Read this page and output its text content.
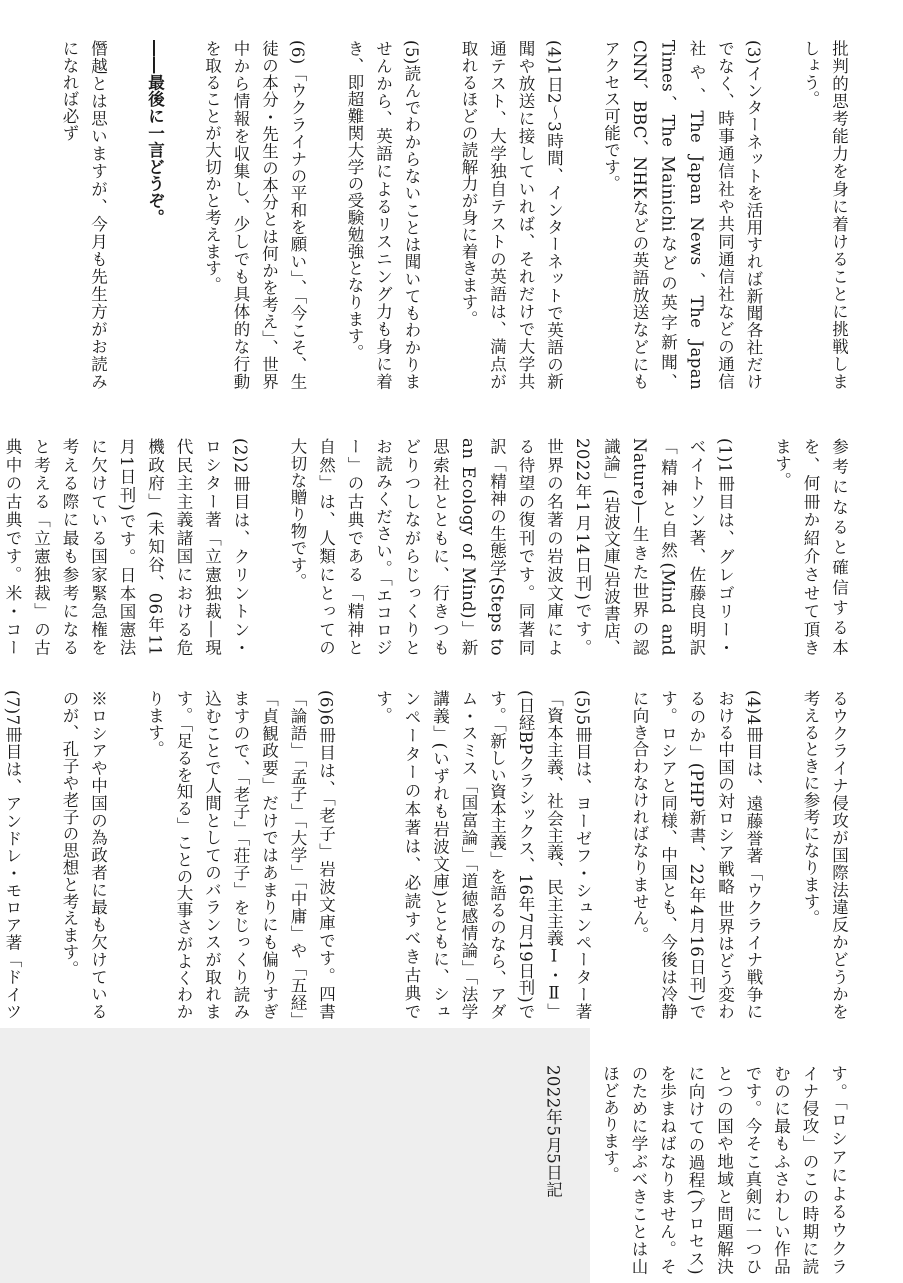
批判的思考能力を身に着けることに挑戦しましょう。

(3)インターネットを活用すれば新聞各社だけでなく、時事通信社や共同通信社などの通信社や、The Japan News、The Japan Times、The Mainichiなどの英字新聞、CNN、BBC、NHKなどの英語放送などにもアクセス可能です。

(4)1日2〜3時間、インターネットで英語の新聞や放送に接していれば、それだけで大学共通テスト、大学独自テストの英語は、満点が取れるほどの読解力が身に着きます。

(5)読んでわからないことは聞いてもわかりませんから、英語によるリスニング力も身に着き、即超難関大学の受験勉強となります。

(6)「ウクライナの平和を願い」、「今こそ、生徒の本分・先生の本分とは何かを考え」、世界中から情報を収集し、少しでも具体的な行動を取ることが大切かと考えます。

――最後に一言どうぞ。

僭越とは思いますが、今月も先生方がお読みになれば必ず

参考になると確信する本を、何冊か紹介させて頂きます。

(1)1冊目は、グレゴリー・ベイトソン著、佐藤良明訳「精神と自然(Mind and Nature)―生きた世界の認識論」(岩波文庫/岩波書店、2022年1月14日刊)です。世界の名著の岩波文庫による待望の復刊です。同著同訳「精神の生態学(Steps to an Ecology of Mind)」新思索社とともに、行きつもどりつしながらじっくりとお読みください。「エコロジー」の古典である「精神と自然」は、人類にとっての大切な贈り物です。

(2)2冊目は、クリントン・ロシター著「立憲独裁―現代民主主義諸国における危機政府」(未知谷、06年11月1日刊)です。日本国憲法に欠けている国家緊急権を考える際に最も参考になると考える「立憲独裁」の古典中の古典です。米・コー

るウクライナ侵攻が国際法違反かどうかを考えるときに参考になります。

(4)4冊目は、遠藤誉著「ウクライナ戦争における中国の対ロシア戦略 世界はどう変わるのか」(PHP新書、22年4月16日刊)です。ロシアと同様、中国とも、今後は冷静に向き合わなければなりません。

(5)5冊目は、ヨーゼフ・シュンペーター著「資本主義、社会主義、民主主義Ⅰ・Ⅱ」(日経BPクラシックス、16年7月19日刊)です。「新しい資本主義」を語るのなら、アダム・スミス「国富論」「道徳感情論」「法学講義」(いずれも岩波文庫)とともに、シュンペーターの本著は、必読すべき古典です。

(6)6冊目は、「老子」岩波文庫です。四書「論語」「孟子」「大学」「中庸」や「五経」「貞観政要」だけではあまりにも偏りすぎますので、「老子」「荘子」をじっくり読み込むことで人間としてのバランスが取れます。「足るを知る」ことの大事さがよくわかります。

※ロシアや中国の為政者に最も欠けているのが、孔子や老子の思想と考えます。

(7)7冊目は、アンドレ・モロア著「ドイツ

す。「ロシアによるウクライナ侵攻」のこの時期に読むのに最もふさわしい作品です。今そこ真剣に一つひとつの国や地域と問題解決に向けての過程(プロセス)を歩まねばなりません。そのために学ぶべきことは山ほどあります。

2022年5月5日記
